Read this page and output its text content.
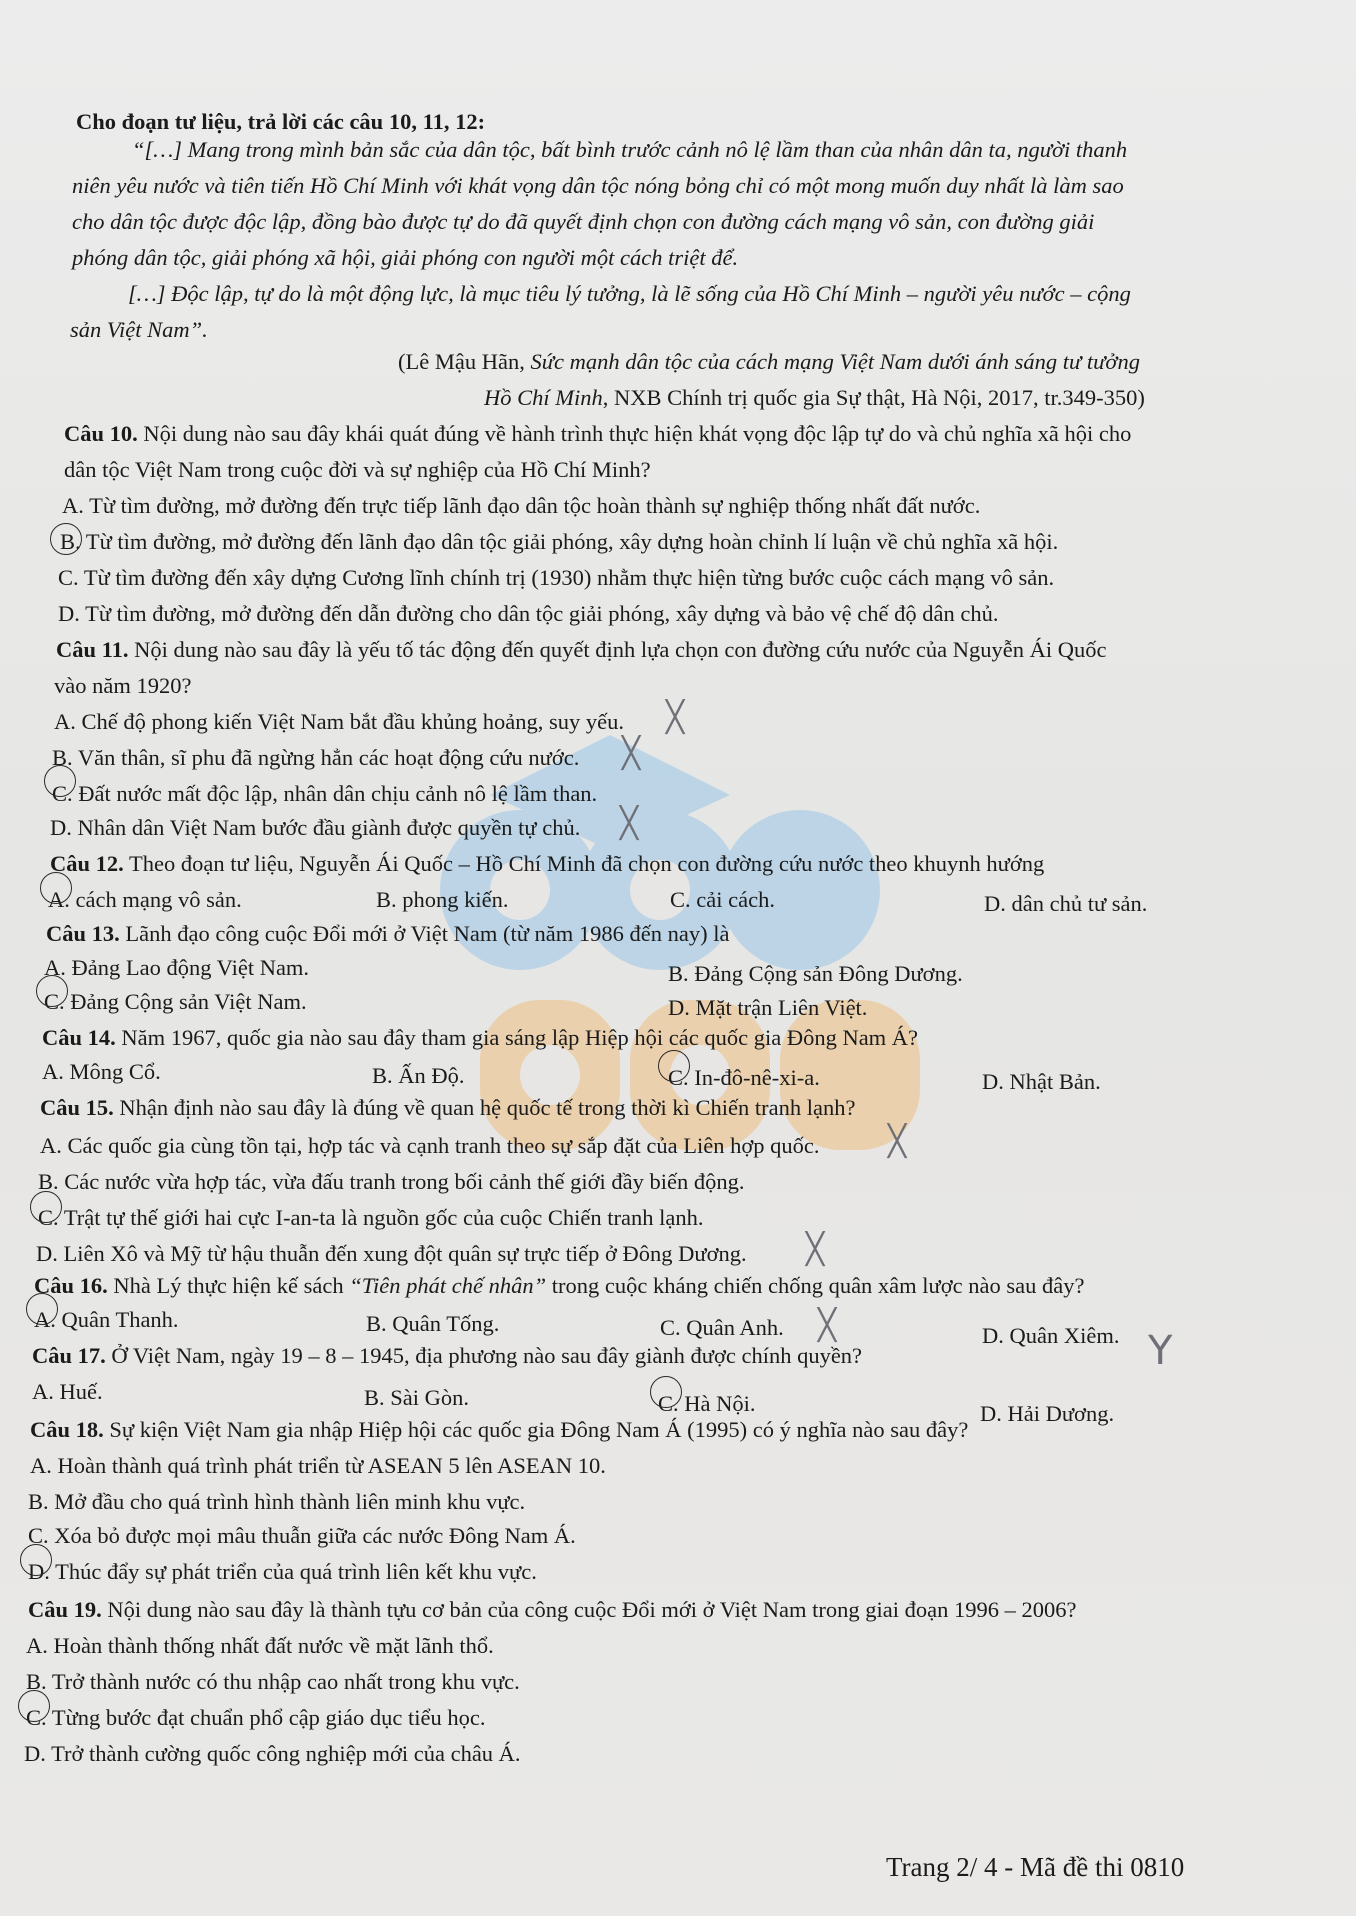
Cho đoạn tư liệu, trả lời các câu 10, 11, 12:
“[…] Mang trong mình bản sắc của dân tộc, bất bình trước cảnh nô lệ lầm than của nhân dân ta, người thanh
niên yêu nước và tiên tiến Hồ Chí Minh với khát vọng dân tộc nóng bỏng chỉ có một mong muốn duy nhất là làm sao
cho dân tộc được độc lập, đồng bào được tự do đã quyết định chọn con đường cách mạng vô sản, con đường giải
phóng dân tộc, giải phóng xã hội, giải phóng con người một cách triệt để.
[…] Độc lập, tự do là một động lực, là mục tiêu lý tưởng, là lẽ sống của Hồ Chí Minh – người yêu nước – cộng
sản Việt Nam”.
(Lê Mậu Hãn, Sức mạnh dân tộc của cách mạng Việt Nam dưới ánh sáng tư tưởng
Hồ Chí Minh, NXB Chính trị quốc gia Sự thật, Hà Nội, 2017, tr.349-350)
Câu 10. Nội dung nào sau đây khái quát đúng về hành trình thực hiện khát vọng độc lập tự do và chủ nghĩa xã hội cho
dân tộc Việt Nam trong cuộc đời và sự nghiệp của Hồ Chí Minh?
A. Từ tìm đường, mở đường đến trực tiếp lãnh đạo dân tộc hoàn thành sự nghiệp thống nhất đất nước.
B. Từ tìm đường, mở đường đến lãnh đạo dân tộc giải phóng, xây dựng hoàn chỉnh lí luận về chủ nghĩa xã hội.
C. Từ tìm đường đến xây dựng Cương lĩnh chính trị (1930) nhằm thực hiện từng bước cuộc cách mạng vô sản.
D. Từ tìm đường, mở đường đến dẫn đường cho dân tộc giải phóng, xây dựng và bảo vệ chế độ dân chủ.
Câu 11. Nội dung nào sau đây là yếu tố tác động đến quyết định lựa chọn con đường cứu nước của Nguyễn Ái Quốc
vào năm 1920?
A. Chế độ phong kiến Việt Nam bắt đầu khủng hoảng, suy yếu. ╳
B. Văn thân, sĩ phu đã ngừng hẳn các hoạt động cứu nước. ╳
C. Đất nước mất độc lập, nhân dân chịu cảnh nô lệ lầm than.
D. Nhân dân Việt Nam bước đầu giành được quyền tự chủ. ╳
Câu 12. Theo đoạn tư liệu, Nguyễn Ái Quốc – Hồ Chí Minh đã chọn con đường cứu nước theo khuynh hướng
A. cách mạng vô sản.	B. phong kiến.	C. cải cách.	D. dân chủ tư sản.
Câu 13. Lãnh đạo công cuộc Đổi mới ở Việt Nam (từ năm 1986 đến nay) là
A. Đảng Lao động Việt Nam.	B. Đảng Cộng sản Đông Dương.
C. Đảng Cộng sản Việt Nam.	D. Mặt trận Liên Việt.
Câu 14. Năm 1967, quốc gia nào sau đây tham gia sáng lập Hiệp hội các quốc gia Đông Nam Á?
A. Mông Cổ.	B. Ấn Độ.	C. In-đô-nê-xi-a.	D. Nhật Bản.
Câu 15. Nhận định nào sau đây là đúng về quan hệ quốc tế trong thời kì Chiến tranh lạnh?
A. Các quốc gia cùng tồn tại, hợp tác và cạnh tranh theo sự sắp đặt của Liên hợp quốc. ╳
B. Các nước vừa hợp tác, vừa đấu tranh trong bối cảnh thế giới đầy biến động.
C. Trật tự thế giới hai cực I-an-ta là nguồn gốc của cuộc Chiến tranh lạnh.
D. Liên Xô và Mỹ từ hậu thuẫn đến xung đột quân sự trực tiếp ở Đông Dương. ╳
Câu 16. Nhà Lý thực hiện kế sách “Tiên phát chế nhân” trong cuộc kháng chiến chống quân xâm lược nào sau đây?
A. Quân Thanh.	B. Quân Tống.	C. Quân Anh. ╳	D. Quân Xiêm. Y
Câu 17. Ở Việt Nam, ngày 19 – 8 – 1945, địa phương nào sau đây giành được chính quyền?
A. Huế.	B. Sài Gòn.	C. Hà Nội.	D. Hải Dương.
Câu 18. Sự kiện Việt Nam gia nhập Hiệp hội các quốc gia Đông Nam Á (1995) có ý nghĩa nào sau đây?
A. Hoàn thành quá trình phát triển từ ASEAN 5 lên ASEAN 10.
B. Mở đầu cho quá trình hình thành liên minh khu vực.
C. Xóa bỏ được mọi mâu thuẫn giữa các nước Đông Nam Á.
D. Thúc đẩy sự phát triển của quá trình liên kết khu vực.
Câu 19. Nội dung nào sau đây là thành tựu cơ bản của công cuộc Đổi mới ở Việt Nam trong giai đoạn 1996 – 2006?
A. Hoàn thành thống nhất đất nước về mặt lãnh thổ.
B. Trở thành nước có thu nhập cao nhất trong khu vực.
C. Từng bước đạt chuẩn phổ cập giáo dục tiểu học.
D. Trở thành cường quốc công nghiệp mới của châu Á.
Trang 2/ 4 - Mã đề thi 0810
